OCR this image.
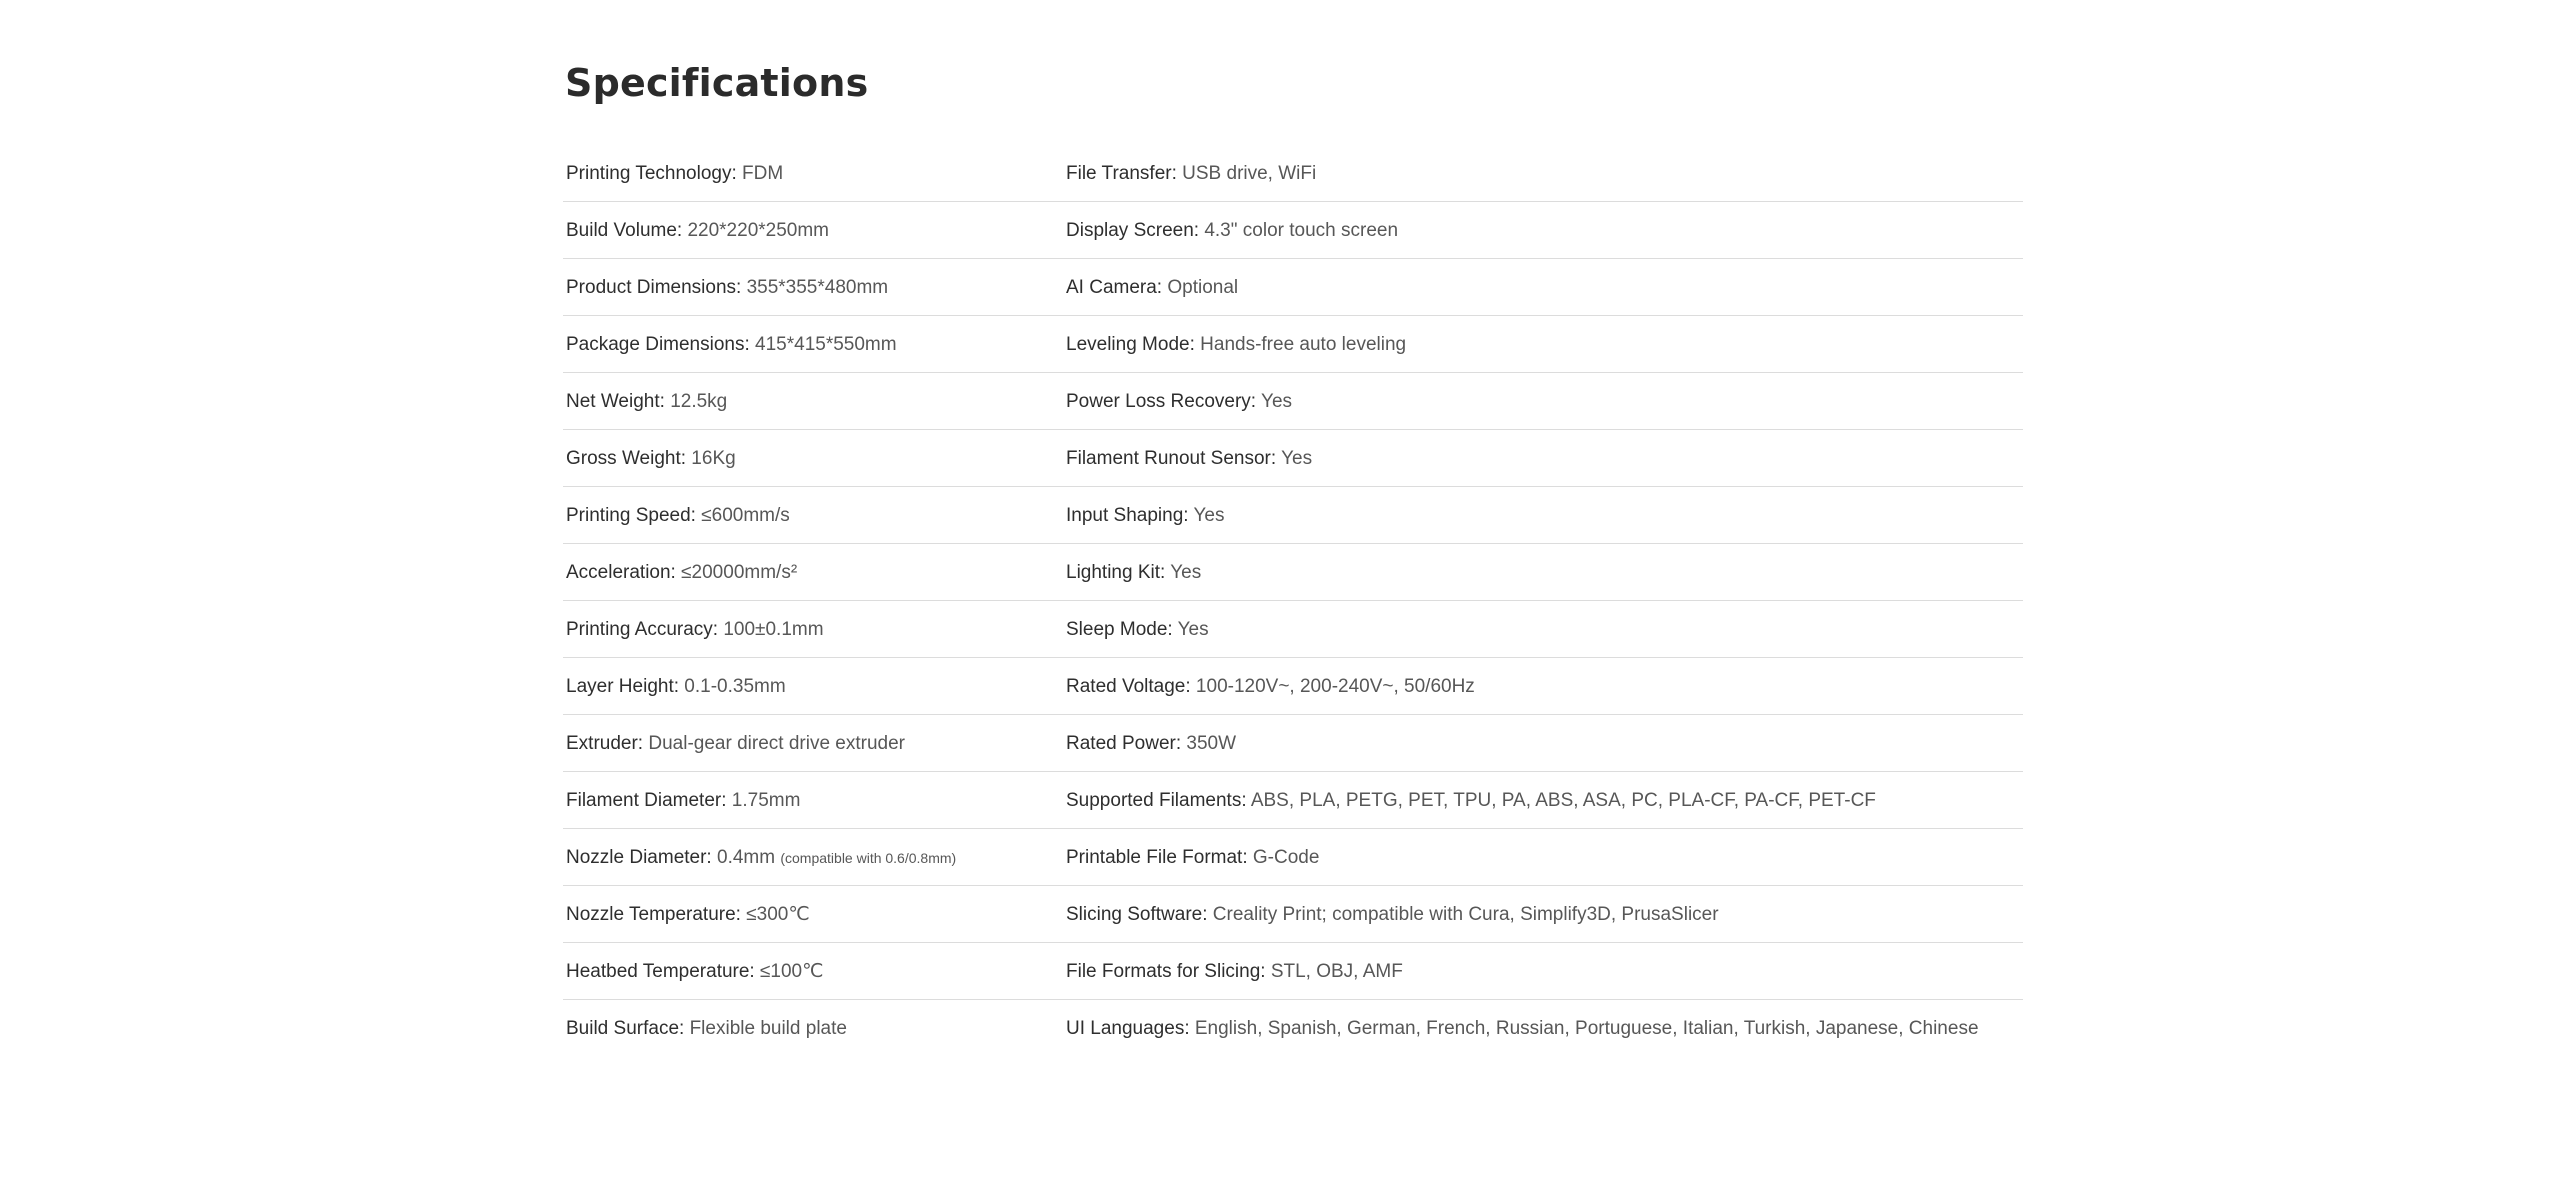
Specifications
Printing Technology: FDM	File Transfer: USB drive, WiFi
Build Volume: 220*220*250mm	Display Screen: 4.3" color touch screen
Product Dimensions: 355*355*480mm	AI Camera: Optional
Package Dimensions: 415*415*550mm	Leveling Mode: Hands-free auto leveling
Net Weight: 12.5kg	Power Loss Recovery: Yes
Gross Weight: 16Kg	Filament Runout Sensor: Yes
Printing Speed: ≤600mm/s	Input Shaping: Yes
Acceleration: ≤20000mm/s²	Lighting Kit: Yes
Printing Accuracy: 100±0.1mm	Sleep Mode: Yes
Layer Height: 0.1-0.35mm	Rated Voltage: 100-120V~, 200-240V~, 50/60Hz
Extruder: Dual-gear direct drive extruder	Rated Power: 350W
Filament Diameter: 1.75mm	Supported Filaments: ABS, PLA, PETG, PET, TPU, PA, ABS, ASA, PC, PLA-CF, PA-CF, PET-CF
Nozzle Diameter: 0.4mm (compatible with 0.6/0.8mm)	Printable File Format: G-Code
Nozzle Temperature: ≤300℃	Slicing Software: Creality Print; compatible with Cura, Simplify3D, PrusaSlicer
Heatbed Temperature: ≤100℃	File Formats for Slicing: STL, OBJ, AMF
Build Surface: Flexible build plate	UI Languages: English, Spanish, German, French, Russian, Portuguese, Italian, Turkish, Japanese, Chinese
